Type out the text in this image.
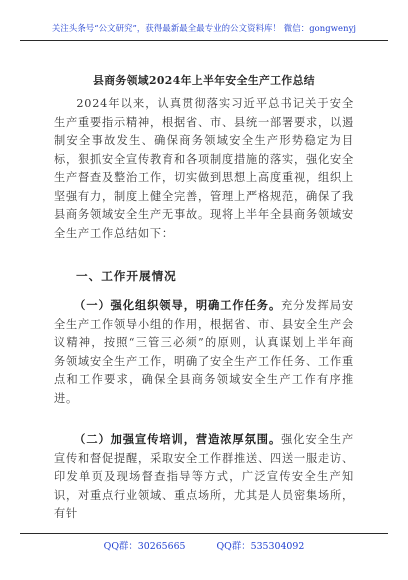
关注头条号“公文研究”，获得最新最全最专业的公文资料库！ 微信：gongwenyj
县商务领域2024年上半年安全生产工作总结
2024年以来，认真贯彻落实习近平总书记关于安全生产重要指示精神，根据省、市、县统一部署要求，以遏制安全事故发生、确保商务领域安全生产形势稳定为目标，狠抓安全宣传教育和各项制度措施的落实，强化安全生产督查及整治工作，切实做到思想上高度重视，组织上坚强有力，制度上健全完善，管理上严格规范，确保了我县商务领域安全生产无事故。现将上半年全县商务领域安全生产工作总结如下：
一、工作开展情况
（一）强化组织领导，明确工作任务。充分发挥局安全生产工作领导小组的作用，根据省、市、县安全生产会议精神，按照“三管三必须”的原则，认真谋划上半年商务领域安全生产工作，明确了安全生产工作任务、工作重点和工作要求，确保全县商务领域安全生产工作有序推进。
（二）加强宣传培训，营造浓厚氛围。强化安全生产宣传和督促提醒，采取安全工作群推送、四送一服走访、印发单页及现场督查指导等方式，广泛宣传安全生产知识，对重点行业领域、重点场所，尤其是人员密集场所，有针
QQ群：30265665	QQ群：535304092
